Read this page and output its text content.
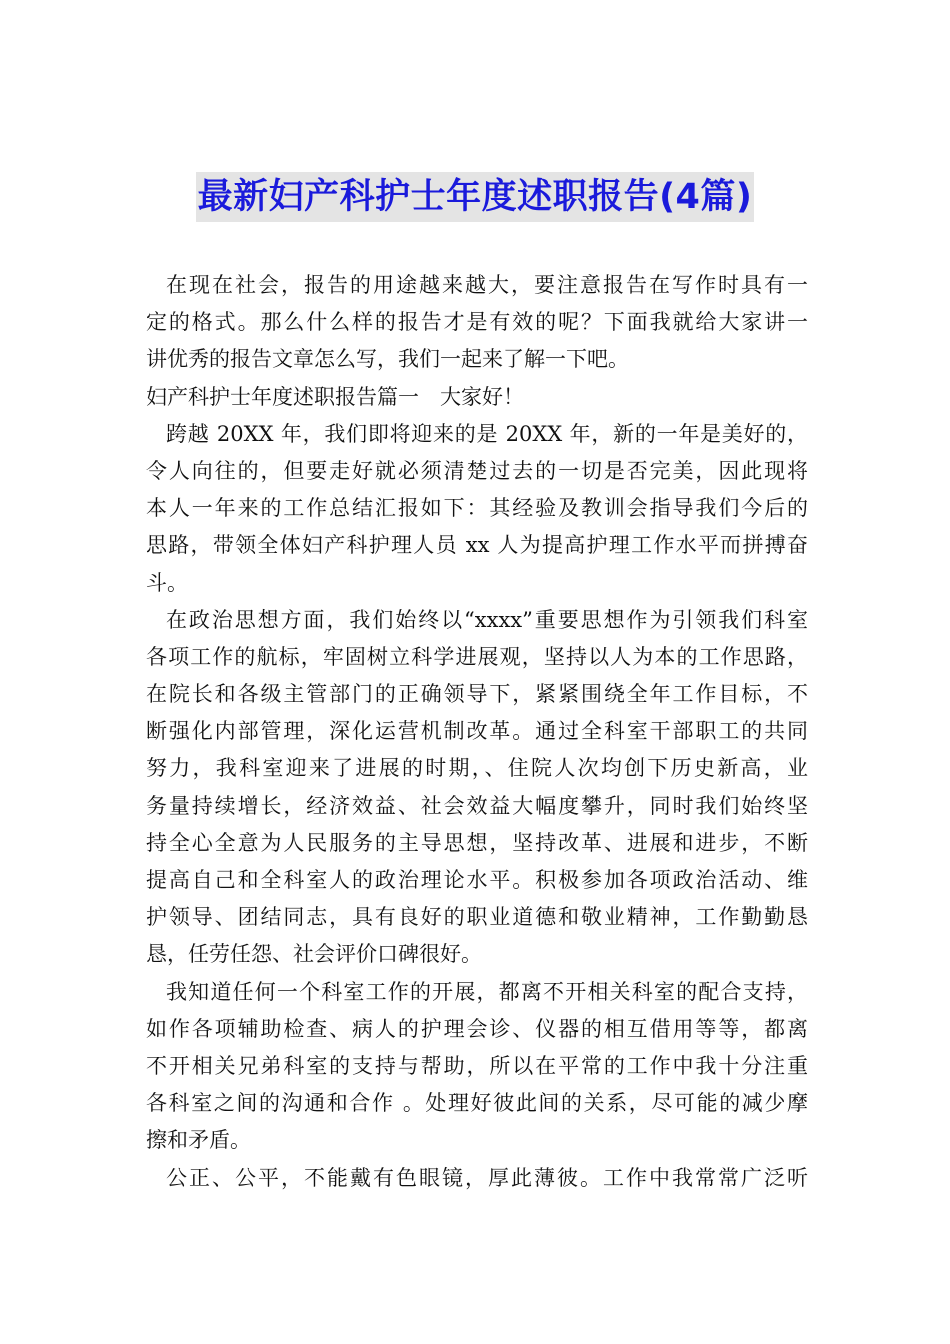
最新妇产科护士年度述职报告(4篇)
在现在社会，报告的用途越来越大，要注意报告在写作时具有一
定的格式。那么什么样的报告才是有效的呢？下面我就给大家讲一
讲优秀的报告文章怎么写，我们一起来了解一下吧。
妇产科护士年度述职报告篇一　大家好！
跨越 20XX 年，我们即将迎来的是 20XX 年，新的一年是美好的，
令人向往的，但要走好就必须清楚过去的一切是否完美，因此现将
本人一年来的工作总结汇报如下：其经验及教训会指导我们今后的
思路，带领全体妇产科护理人员 xx 人为提高护理工作水平而拼搏奋
斗。
在政治思想方面，我们始终以“xxxx”重要思想作为引领我们科室
各项工作的航标，牢固树立科学进展观，坚持以人为本的工作思路，
在院长和各级主管部门的正确领导下，紧紧围绕全年工作目标，不
断强化内部管理，深化运营机制改革。通过全科室干部职工的共同
努力，我科室迎来了进展的时期，、住院人次均创下历史新高，业
务量持续增长，经济效益、社会效益大幅度攀升，同时我们始终坚
持全心全意为人民服务的主导思想，坚持改革、进展和进步，不断
提高自己和全科室人的政治理论水平。积极参加各项政治活动、维
护领导、团结同志，具有良好的职业道德和敬业精神，工作勤勤恳
恳，任劳任怨、社会评价口碑很好。
我知道任何一个科室工作的开展，都离不开相关科室的配合支持，
如作各项辅助检查、病人的护理会诊、仪器的相互借用等等，都离
不开相关兄弟科室的支持与帮助，所以在平常的工作中我十分注重
各科室之间的沟通和合作 。处理好彼此间的关系，尽可能的减少摩
擦和矛盾。
公正、公平，不能戴有色眼镜，厚此薄彼。工作中我常常广泛听
